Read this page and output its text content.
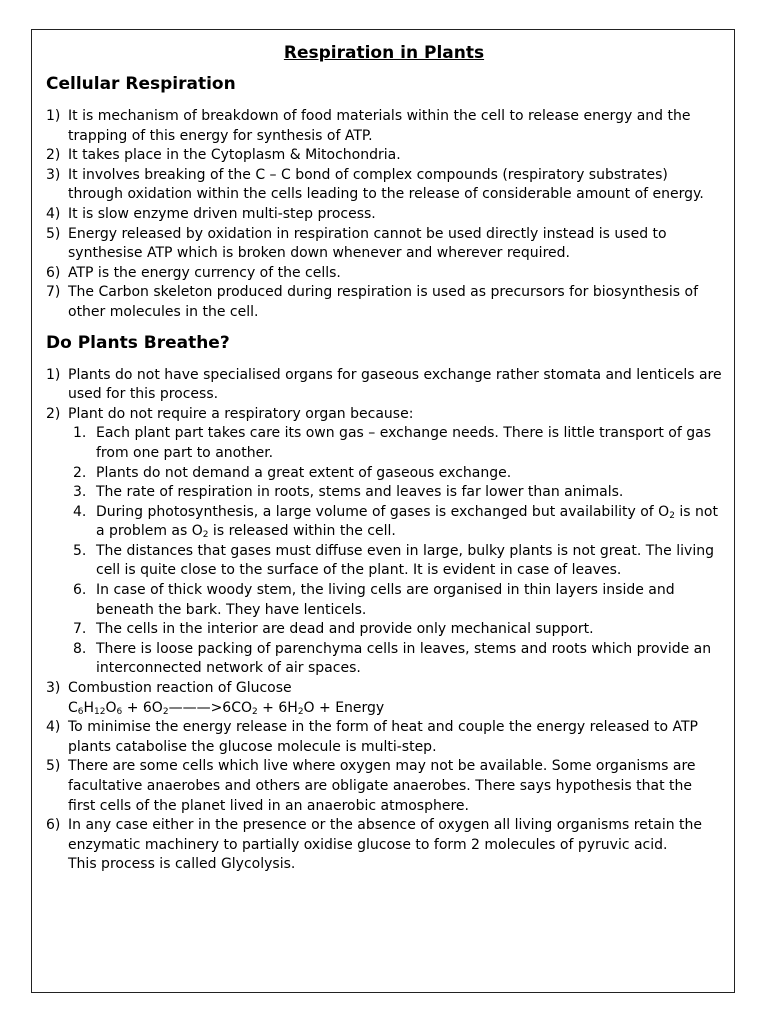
Respiration in Plants
Cellular Respiration
1) It is mechanism of breakdown of food materials within the cell to release energy and the trapping of this energy for synthesis of ATP.
2) It takes place in the Cytoplasm & Mitochondria.
3) It involves breaking of the C – C bond of complex compounds (respiratory substrates) through oxidation within the cells leading to the release of considerable amount of energy.
4) It is slow enzyme driven multi-step process.
5) Energy released by oxidation in respiration cannot be used directly instead is used to synthesise ATP which is broken down whenever and wherever required.
6) ATP is the energy currency of the cells.
7) The Carbon skeleton produced during respiration is used as precursors for biosynthesis of other molecules in the cell.
Do Plants Breathe?
1) Plants do not have specialised organs for gaseous exchange rather stomata and lenticels are used for this process.
2) Plant do not require a respiratory organ because:
1. Each plant part takes care its own gas – exchange needs. There is little transport of gas from one part to another.
2. Plants do not demand a great extent of gaseous exchange.
3. The rate of respiration in roots, stems and leaves is far lower than animals.
4. During photosynthesis, a large volume of gases is exchanged but availability of $O_2$ is not a problem as $O_2$ is released within the cell.
5. The distances that gases must diffuse even in large, bulky plants is not great. The living cell is quite close to the surface of the plant. It is evident in case of leaves.
6. In case of thick woody stem, the living cells are organised in thin layers inside and beneath the bark. They have lenticels.
7. The cells in the interior are dead and provide only mechanical support.
8. There is loose packing of parenchyma cells in leaves, stems and roots which provide an interconnected network of air spaces.
3) Combustion reaction of Glucose
$C_6H_{12}O_6$ + $6O_2———>6CO_2 + 6H_2O$ + Energy
4) To minimise the energy release in the form of heat and couple the energy released to ATP plants catabolise the glucose molecule is multi-step.
5) There are some cells which live where oxygen may not be available. Some organisms are facultative anaerobes and others are obligate anaerobes. There says hypothesis that the first cells of the planet lived in an anaerobic atmosphere.
6) In any case either in the presence or the absence of oxygen all living organisms retain the enzymatic machinery to partially oxidise glucose to form 2 molecules of pyruvic acid.
This process is called Glycolysis.
